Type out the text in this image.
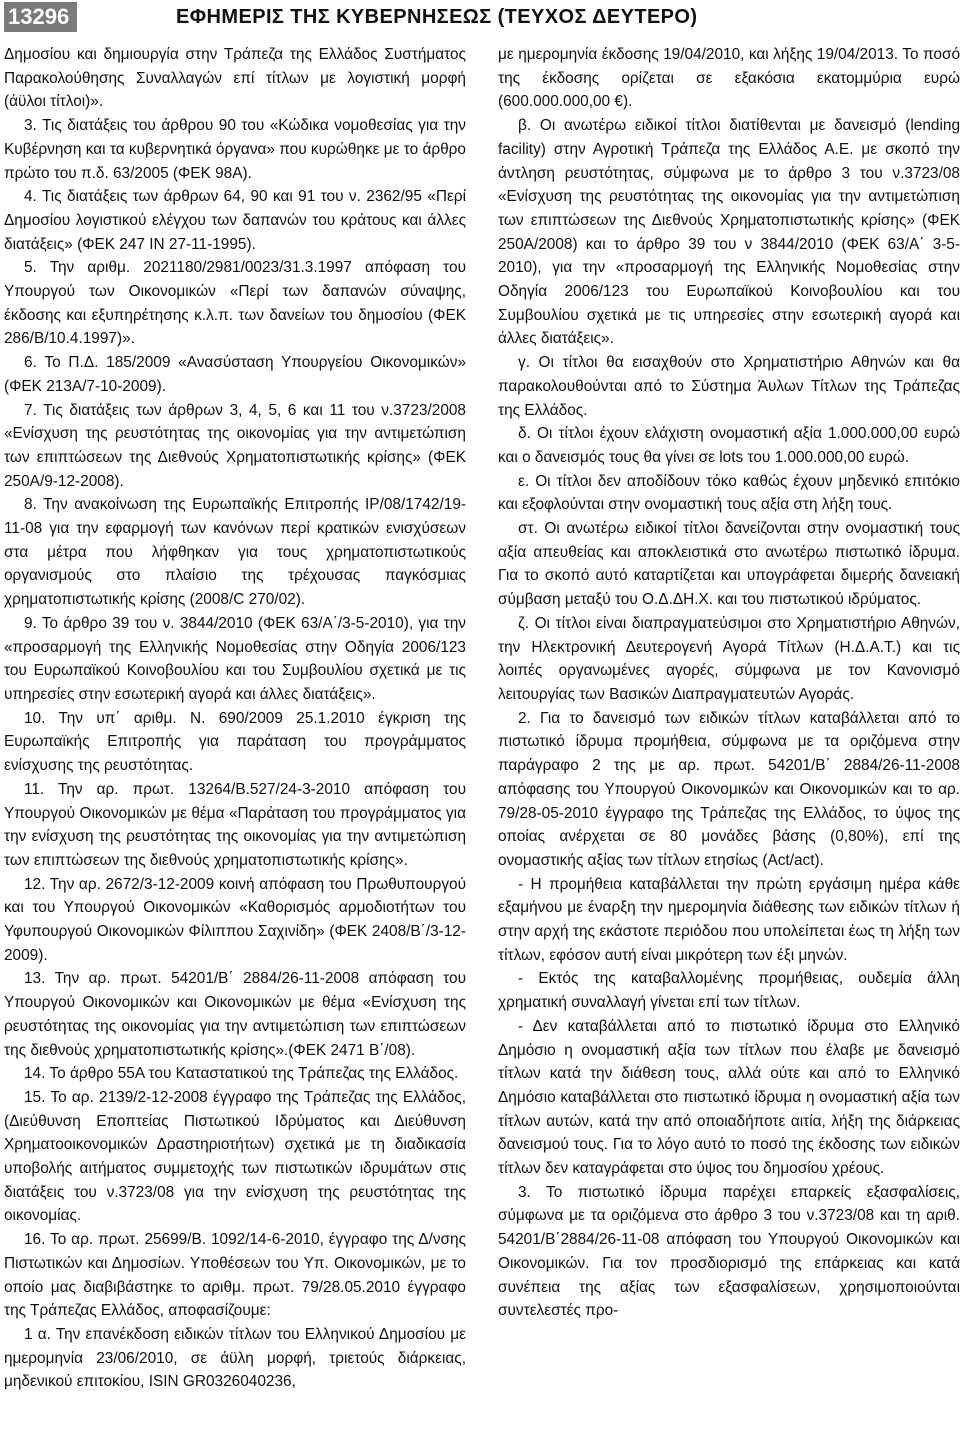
13296	ΕΦΗΜΕΡΙΣ ΤΗΣ ΚΥΒΕΡΝΗΣΕΩΣ (ΤΕΥΧΟΣ ΔΕΥΤΕΡΟ)

Δημοσίου και δημιουργία στην Τράπεζα της Ελλάδος Συστήματος Παρακολούθησης Συναλλαγών επί τίτλων με λογιστική μορφή (άϋλοι τίτλοι)».

3. Τις διατάξεις του άρθρου 90 του «Κώδικα νομοθεσίας για την Κυβέρνηση και τα κυβερνητικά όργανα» που κυρώθηκε με το άρθρο πρώτο του π.δ. 63/2005 (ΦΕΚ 98Α).

4. Τις διατάξεις των άρθρων 64, 90 και 91 του ν. 2362/95 «Περί Δημοσίου λογιστικού ελέγχου των δαπανών του κράτους και άλλες διατάξεις» (ΦΕΚ 247 ΙΝ 27-11-1995).

5. Την αριθμ. 2021180/2981/0023/31.3.1997 απόφαση του Υπουργού των Οικονομικών «Περί των δαπανών σύναψης, έκδοσης και εξυπηρέτησης κ.λ.π. των δανείων του δημοσίου (ΦΕΚ 286/Β/10.4.1997)».

6. Το Π.Δ. 185/2009 «Ανασύσταση Υπουργείου Οικονομικών» (ΦΕΚ 213Α/7-10-2009).

7. Τις διατάξεις των άρθρων 3, 4, 5, 6 και 11 του ν.3723/2008 «Ενίσχυση της ρευστότητας της οικονομίας για την αντιμετώπιση των επιπτώσεων της Διεθνούς Χρηματοπιστωτικής κρίσης» (ΦΕΚ 250Α/9-12-2008).

8. Την ανακοίνωση της Ευρωπαϊκής Επιτροπής IP/08/1742/19-11-08 για την εφαρμογή των κανόνων περί κρατικών ενισχύσεων στα μέτρα που λήφθηκαν για τους χρηματοπιστωτικούς οργανισμούς στο πλαίσιο της τρέχουσας παγκόσμιας χρηματοπιστωτικής κρίσης (2008/C 270/02).

9. Το άρθρο 39 του ν. 3844/2010 (ΦΕΚ 63/Α΄/3-5-2010), για την «προσαρμογή της Ελληνικής Νομοθεσίας στην Οδηγία 2006/123 του Ευρωπαϊκού Κοινοβουλίου και του Συμβουλίου σχετικά με τις υπηρεσίες στην εσωτερική αγορά και άλλες διατάξεις».

10. Την υπ΄ αριθμ. Ν. 690/2009 25.1.2010 έγκριση της Ευρωπαϊκής Επιτροπής για παράταση του προγράμματος ενίσχυσης της ρευστότητας.

11. Την αρ. πρωτ. 13264/Β.527/24-3-2010 απόφαση του Υπουργού Οικονομικών με θέμα «Παράταση του προγράμματος για την ενίσχυση της ρευστότητας της οικονομίας για την αντιμετώπιση των επιπτώσεων της διεθνούς χρηματοπιστωτικής κρίσης».

12. Την αρ. 2672/3-12-2009 κοινή απόφαση του Πρωθυπουργού και του Υπουργού Οικονομικών «Καθορισμός αρμοδιοτήτων του Υφυπουργού Οικονομικών Φίλιππου Σαχινίδη» (ΦΕΚ 2408/Β΄/3-12-2009).

13. Την αρ. πρωτ. 54201/Β΄ 2884/26-11-2008 απόφαση του Υπουργού Οικονομικών και Οικονομικών με θέμα «Ενίσχυση της ρευστότητας της οικονομίας για την αντιμετώπιση των επιπτώσεων της διεθνούς χρηματοπιστωτικής κρίσης».(ΦΕΚ 2471 Β΄/08).

14. Το άρθρο 55Α του Καταστατικού της Τράπεζας της Ελλάδος.

15. Το αρ. 2139/2-12-2008 έγγραφο της Τράπεζας της Ελλάδος, (Διεύθυνση Εποπτείας Πιστωτικού Ιδρύματος και Διεύθυνση Χρηματοοικονομικών Δραστηριοτήτων) σχετικά με τη διαδικασία υποβολής αιτήματος συμμετοχής των πιστωτικών ιδρυμάτων στις διατάξεις του ν.3723/08 για την ενίσχυση της ρευστότητας της οικονομίας.

16. Το αρ. πρωτ. 25699/Β. 1092/14-6-2010, έγγραφο της Δ/νσης Πιστωτικών και Δημοσίων. Υποθέσεων του Υπ. Οικονομικών, με το οποίο μας διαβιβάστηκε το αριθμ. πρωτ. 79/28.05.2010 έγγραφο της Τράπεζας Ελλάδος, αποφασίζουμε:

1 α. Την επανέκδοση ειδικών τίτλων του Ελληνικού Δημοσίου με ημερομηνία 23/06/2010, σε άϋλη μορφή, τριετούς διάρκειας, μηδενικού επιτοκίου, ISIN GR0326040236,

με ημερομηνία έκδοσης 19/04/2010, και λήξης 19/04/2013. Το ποσό της έκδοσης ορίζεται σε εξακόσια εκατομμύρια ευρώ (600.000.000,00 €).

β. Οι ανωτέρω ειδικοί τίτλοι διατίθενται με δανεισμό (lending facility) στην Αγροτική Τράπεζα της Ελλάδος Α.Ε. με σκοπό την άντληση ρευστότητας, σύμφωνα με το άρθρο 3 του ν.3723/08 «Ενίσχυση της ρευστότητας της οικονομίας για την αντιμετώπιση των επιπτώσεων της Διεθνούς Χρηματοπιστωτικής κρίσης» (ΦΕΚ 250Α/2008) και το άρθρο 39 του ν 3844/2010 (ΦΕΚ 63/Α΄ 3-5-2010), για την «προσαρμογή της Ελληνικής Νομοθεσίας στην Οδηγία 2006/123 του Ευρωπαϊκού Κοινοβουλίου και του Συμβουλίου σχετικά με τις υπηρεσίες στην εσωτερική αγορά και άλλες διατάξεις».

γ. Οι τίτλοι θα εισαχθούν στο Χρηματιστήριο Αθηνών και θα παρακολουθούνται από το Σύστημα Άυλων Τίτλων της Τράπεζας της Ελλάδος.

δ. Οι τίτλοι έχουν ελάχιστη ονομαστική αξία 1.000.000,00 ευρώ και ο δανεισμός τους θα γίνει σε lots του 1.000.000,00 ευρώ.

ε. Οι τίτλοι δεν αποδίδουν τόκο καθώς έχουν μηδενικό επιτόκιο και εξοφλούνται στην ονομαστική τους αξία στη λήξη τους.

στ. Οι ανωτέρω ειδικοί τίτλοι δανείζονται στην ονομαστική τους αξία απευθείας και αποκλειστικά στο ανωτέρω πιστωτικό ίδρυμα. Για το σκοπό αυτό καταρτίζεται και υπογράφεται διμερής δανειακή σύμβαση μεταξύ του Ο.Δ.ΔΗ.Χ. και του πιστωτικού ιδρύματος.

ζ. Οι τίτλοι είναι διαπραγματεύσιμοι στο Χρηματιστήριο Αθηνών, την Ηλεκτρονική Δευτερογενή Αγορά Τίτλων (Η.Δ.Α.Τ.) και τις λοιπές οργανωμένες αγορές, σύμφωνα με τον Κανονισμό λειτουργίας των Βασικών Διαπραγματευτών Αγοράς.

2. Για το δανεισμό των ειδικών τίτλων καταβάλλεται από το πιστωτικό ίδρυμα προμήθεια, σύμφωνα με τα οριζόμενα στην παράγραφο 2 της με αρ. πρωτ. 54201/Β΄ 2884/26-11-2008 απόφασης του Υπουργού Οικονομικών και Οικονομικών και το αρ. 79/28-05-2010 έγγραφο της Τράπεζας της Ελλάδος, το ύψος της οποίας ανέρχεται σε 80 μονάδες βάσης (0,80%), επί της ονομαστικής αξίας των τίτλων ετησίως (Act/act).

- Η προμήθεια καταβάλλεται την πρώτη εργάσιμη ημέρα κάθε εξαμήνου με έναρξη την ημερομηνία διάθεσης των ειδικών τίτλων ή στην αρχή της εκάστοτε περιόδου που υπολείπεται έως τη λήξη των τίτλων, εφόσον αυτή είναι μικρότερη των έξι μηνών.

- Εκτός της καταβαλλομένης προμήθειας, ουδεμία άλλη χρηματική συναλλαγή γίνεται επί των τίτλων.

- Δεν καταβάλλεται από το πιστωτικό ίδρυμα στο Ελληνικό Δημόσιο η ονομαστική αξία των τίτλων που έλαβε με δανεισμό τίτλων κατά την διάθεση τους, αλλά ούτε και από το Ελληνικό Δημόσιο καταβάλλεται στο πιστωτικό ίδρυμα η ονομαστική αξία των τίτλων αυτών, κατά την από οποιαδήποτε αιτία, λήξη της διάρκειας δανεισμού τους. Για το λόγο αυτό το ποσό της έκδοσης των ειδικών τίτλων δεν καταγράφεται στο ύψος του δημοσίου χρέους.

3. Το πιστωτικό ίδρυμα παρέχει επαρκείς εξασφαλίσεις, σύμφωνα με τα οριζόμενα στο άρθρο 3 του ν.3723/08 και τη αριθ. 54201/Β΄2884/26-11-08 απόφαση του Υπουργού Οικονομικών και Οικονομικών. Για τον προσδιορισμό της επάρκειας και κατά συνέπεια της αξίας των εξασφαλίσεων, χρησιμοποιούνται συντελεστές προ-
